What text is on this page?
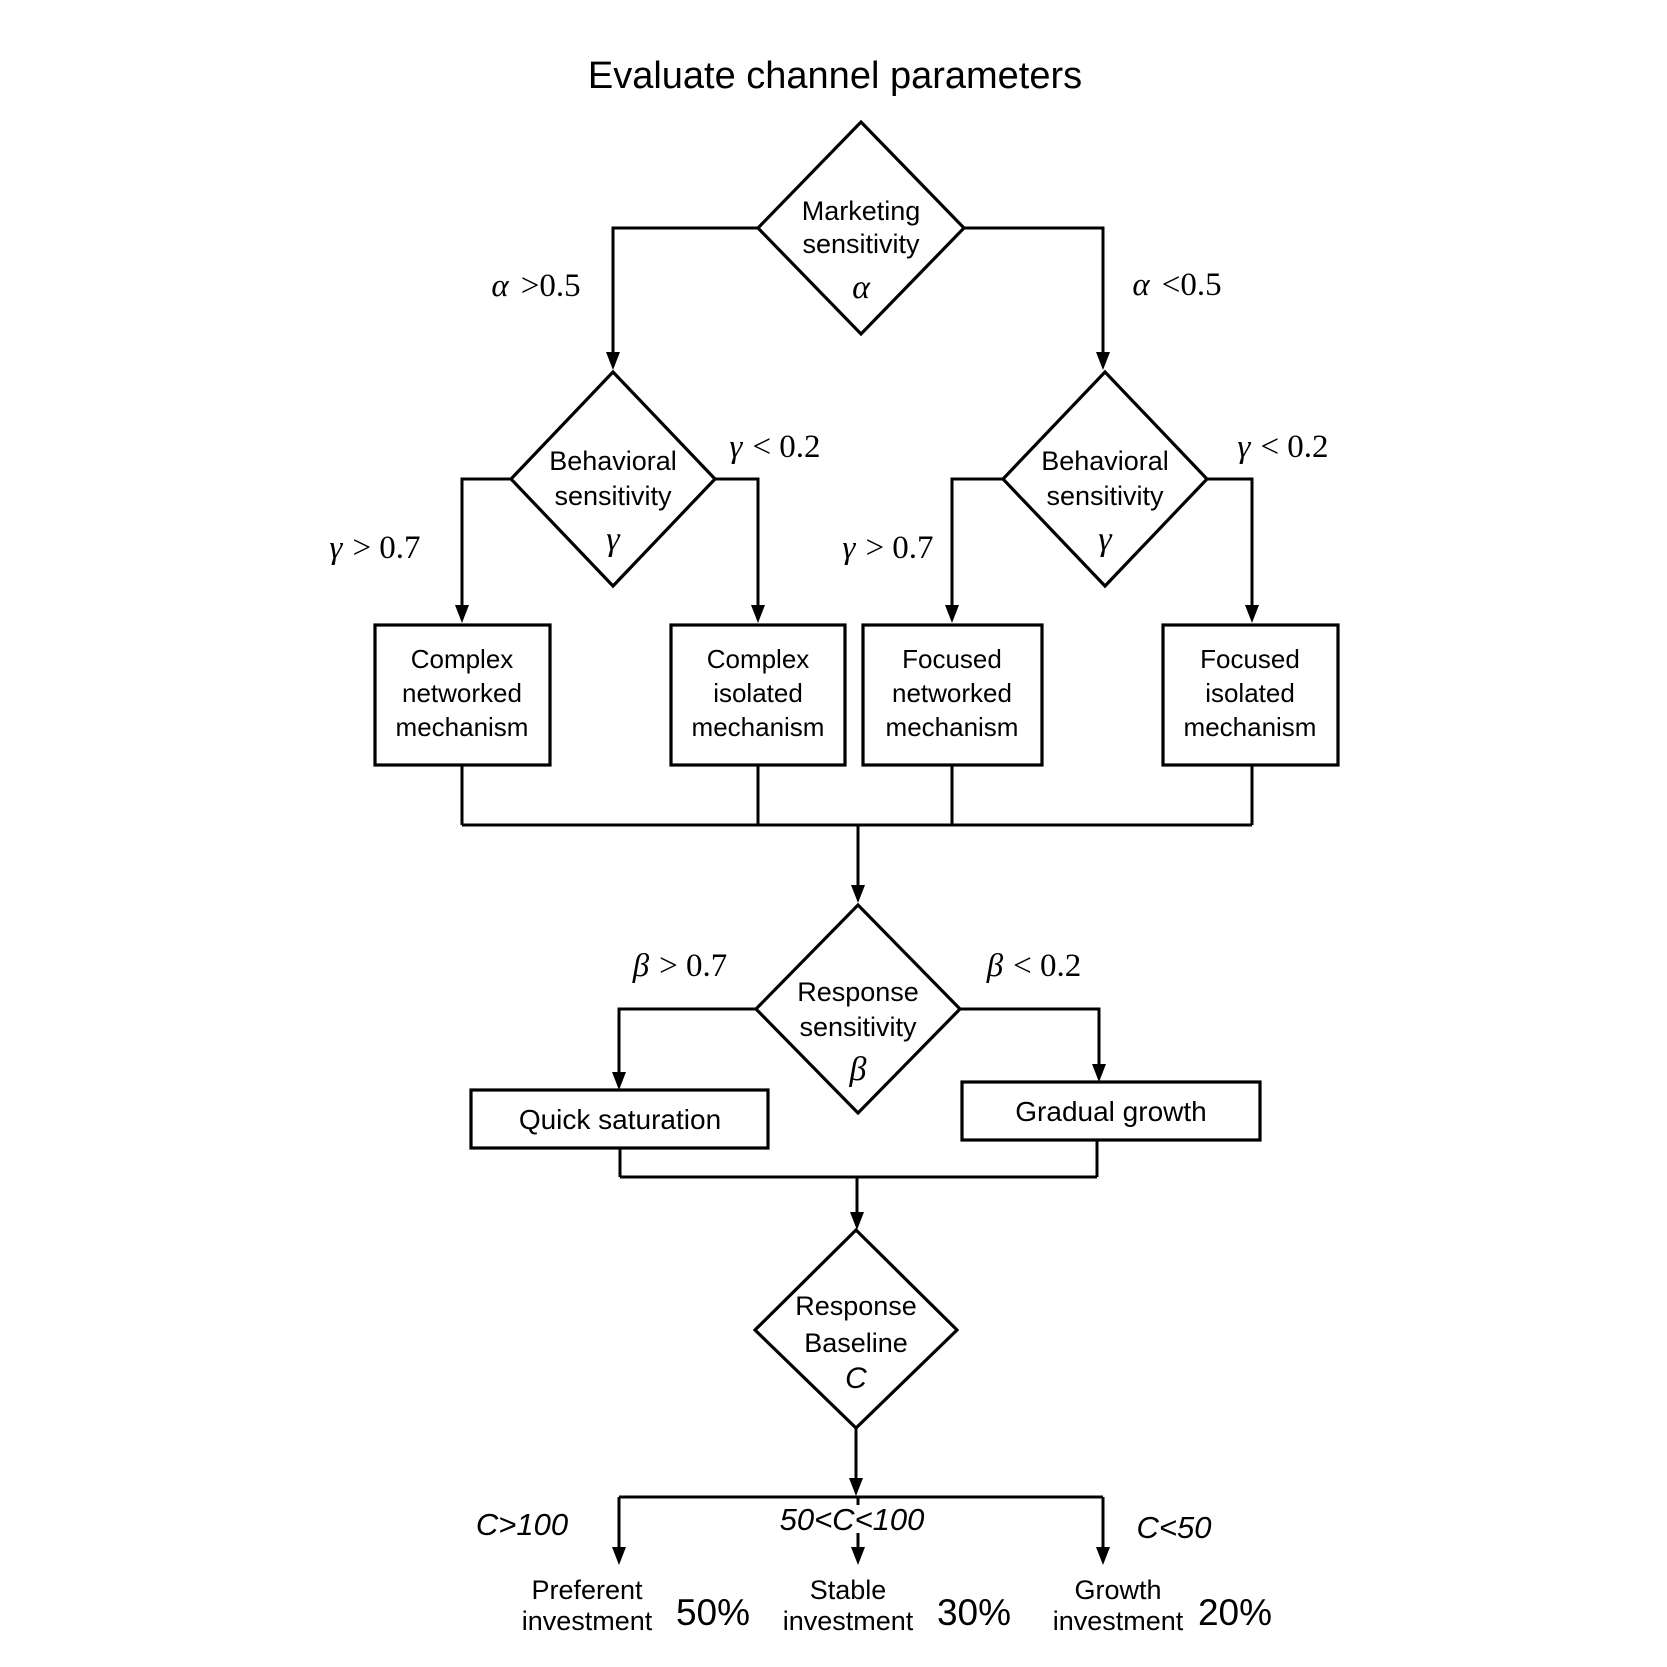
Evaluate channel parameters
Marketing
sensitivity
α
α >0.5	α <0.5
Behavioral
sensitivity
γ
Behavioral
sensitivity
γ
γ > 0.7
γ < 0.2
γ > 0.7
γ < 0.2
Complex
networked
mechanism
Complex
isolated
mechanism
Focused
networked
mechanism
Focused
isolated
mechanism
Response
sensitivity
β
β > 0.7	β < 0.2
Quick saturation	Gradual growth
Response
Baseline
C
C>100	50<C<100	C<50
Preferent
investment 50%
Stable
investment 30%
Growth
investment 20%
